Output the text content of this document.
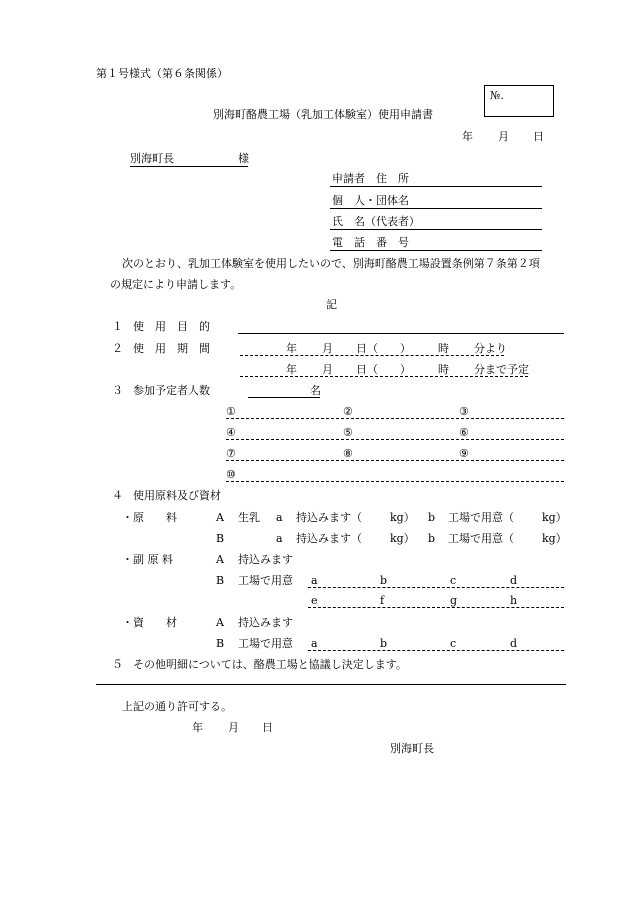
第１号様式（第６条関係）
№.
別海町酪農工場（乳加工体験室）使用申請書
年 月 日
別海町長	様
申請者　住　所
個　人・団体名
氏　名（代表者）
電　話　番　号
次のとおり、乳加工体験室を使用したいので、別海町酪農工場設置条例第７条第２項
の規定により申請します。
記
１ 使　用　目　的
２ 使　用　期　間	年 月 日（ ） 時 分より
年 月 日（ ） 時 分まで予定
３ 参加予定者人数	名
①	②	③
④	⑤	⑥
⑦	⑧	⑨
⑩
４ 使用原料及び資材
・原　　料	A 生乳 a 持込みます（	kg） b 工場で用意（	kg）
B	a 持込みます（	kg） b 工場で用意（	kg）
・副 原 料	A 持込みます
B 工場で用意 a	b	c	d
e	f	g	h
・資　　材	A 持込みます
B 工場で用意 a	b	c	d
５ その他明細については、酪農工場と協議し決定します。
上記の通り許可する。
年 月 日
別海町長
